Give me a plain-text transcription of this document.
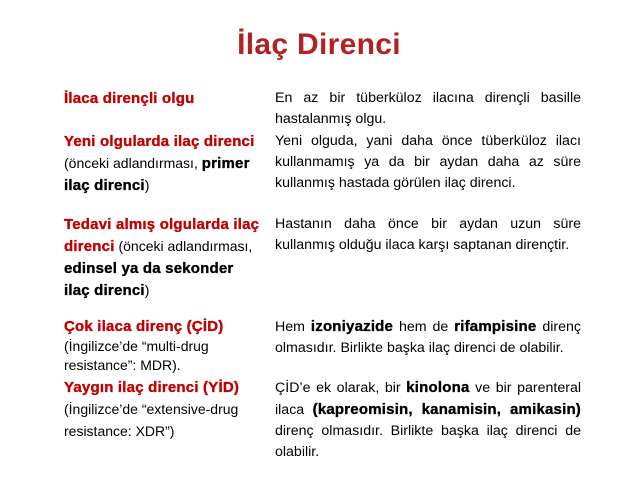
İlaç Direnci
İlaca dirençli olgu	En az bir tüberküloz ilacına dirençli basille hastalanmış olgu.
Yeni olgularda ilaç direnci (önceki adlandırması, primer ilaç direnci)
Yeni olguda, yani daha önce tüberküloz ilacı kullanmamış ya da bir aydan daha az süre kullanmış hastada görülen ilaç direnci.
Tedavi almış olgularda ilaç direnci (önceki adlandırması, edinsel ya da sekonder ilaç direnci)
Hastanın daha önce bir aydan uzun süre kullanmış olduğu ilaca karşı saptanan dirençtir.
Çok ilaca direnç (ÇİD)
(İngilizce’de “multi-drug resistance”: MDR).
Hem izoniyazide hem de rifampisine direnç olmasıdır. Birlikte başka ilaç direnci de olabilir.
Yaygın ilaç direnci (YİD) (İngilizce’de “extensive-drug resistance: XDR”)
ÇİD’e ek olarak, bir kinolona ve bir parenteral ilaca (kapreomisin, kanamisin, amikasin) direnç olmasıdır. Birlikte başka ilaç direnci de olabilir.
